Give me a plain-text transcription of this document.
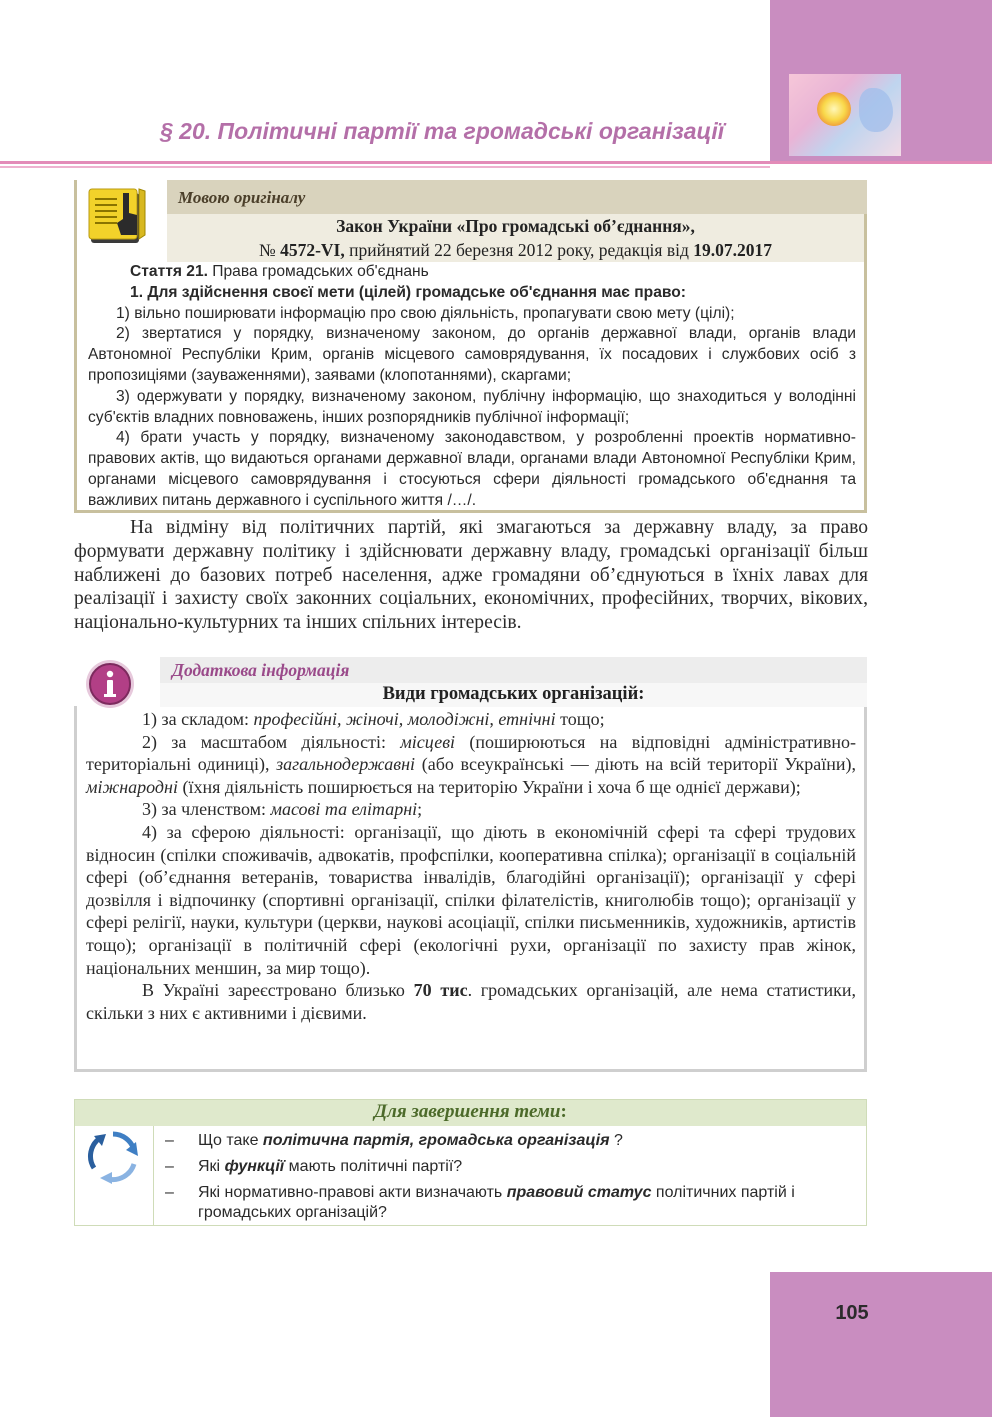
§ 20. Політичні партії та громадські організації
Мовою оригіналу
Закон України «Про громадські об’єднання»,
№ 4572-VI, прийнятий 22 березня 2012 року, редакція від 19.07.2017

Стаття 21. Права громадських об'єднань

1. Для здійснення своєї мети (цілей) громадське об'єднання має право:

1) вільно поширювати інформацію про свою діяльність, пропагувати свою мету (цілі);

2) звертатися у порядку, визначеному законом, до органів державної влади, органів влади Автономної Республіки Крим, органів місцевого самоврядування, їх посадових і службових осіб з пропозиціями (зауваженнями), заявами (клопотаннями), скаргами;

3) одержувати у порядку, визначеному законом, публічну інформацію, що знаходиться у володінні суб'єктів владних повноважень, інших розпорядників публічної інформації;

4) брати участь у порядку, визначеному законодавством, у розробленні проектів нормативно-правових актів, що видаються органами державної влади, органами влади Автономної Республіки Крим, органами місцевого самоврядування і стосуються сфери діяльності громадського об'єднання та важливих питань державного і суспільного життя /…/.

На відміну від політичних партій, які змагаються за державну владу, за право формувати державну політику і здійснювати державну владу, громадські організації більш наближені до базових потреб населення, адже громадяни об’єднуються в їхніх лавах для реалізації і захисту своїх законних соціальних, економічних, професійних, творчих, вікових, національно-культурних та інших спільних інтересів.

Додаткова інформація
Види громадських організацій:

1) за складом: професійні, жіночі, молодіжні, етнічні тощо;

2) за масштабом діяльності: місцеві (поширюються на відповідні адміністративно-територіальні одиниці), загальнодержавні (або всеукраїнські — діють на всій території України), міжнародні (їхня діяльність поширюється на територію України і хоча б ще однієї держави);

3) за членством: масові та елітарні;

4) за сферою діяльності: організації, що діють в економічній сфері та сфері трудових відносин (спілки споживачів, адвокатів, профспілки, кооперативна спілка); організації в соціальній сфері (об’єднання ветеранів, товариства інвалідів, благодійні організації); організації у сфері дозвілля і відпочинку (спортивні організації, спілки філателістів, книголюбів тощо); організації у сфері релігії, науки, культури (церкви, наукові асоціації, спілки письменників, художників, артистів тощо); організації в політичній сфері (екологічні рухи, організації по захисту прав жінок, національних меншин, за мир тощо).

В Україні зареєстровано близько 70 тис. громадських організацій, але нема статистики, скільки з них є активними і дієвими.

Для завершення теми:
– Що таке політична партія, громадська організація ?
– Які функції мають політичні партії?
– Які нормативно-правові акти визначають правовий статус політичних партій і громадських організацій?
105
